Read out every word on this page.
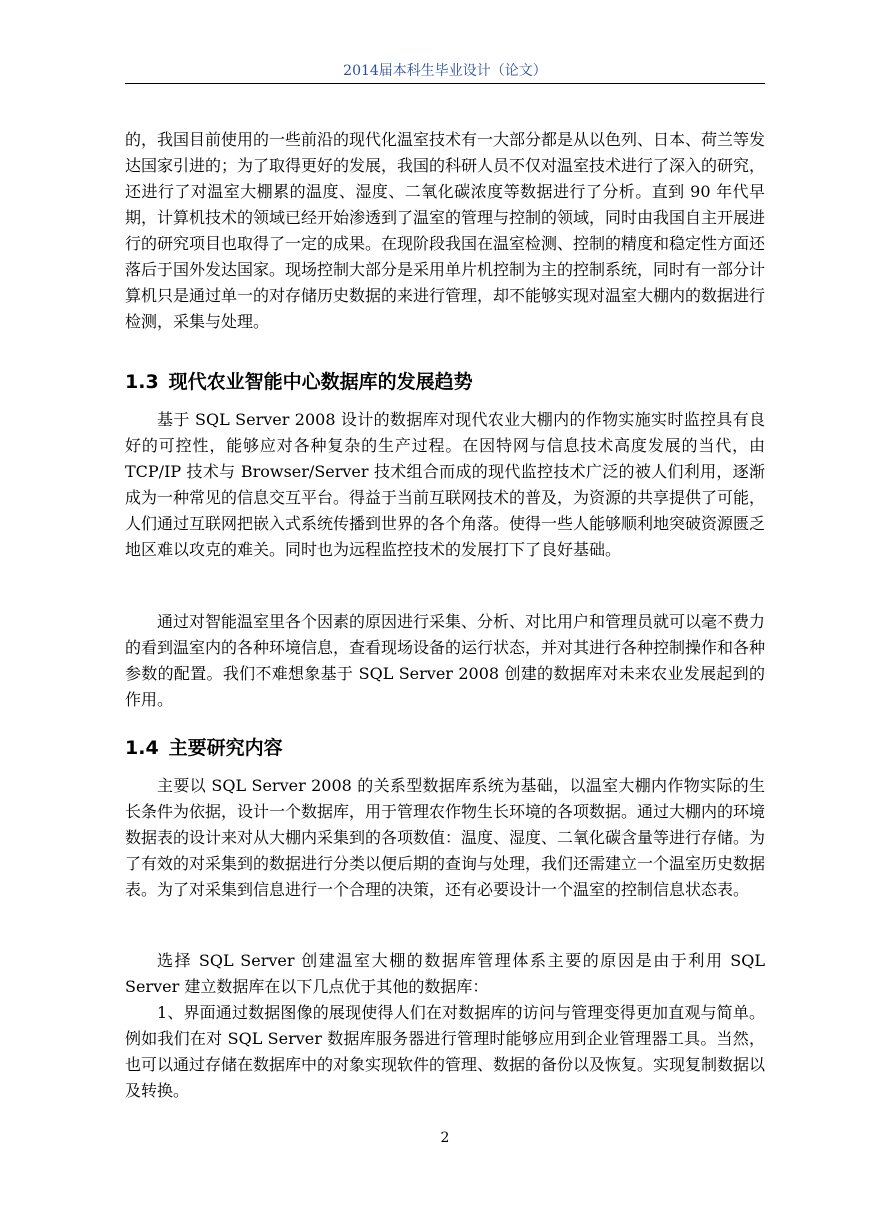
2014届本科生毕业设计（论文）

的，我国目前使用的一些前沿的现代化温室技术有一大部分都是从以色列、日本、荷兰等发达国家引进的；为了取得更好的发展，我国的科研人员不仅对温室技术进行了深入的研究，还进行了对温室大棚累的温度、湿度、二氧化碳浓度等数据进行了分析。直到 90 年代早期，计算机技术的领域已经开始渗透到了温室的管理与控制的领域，同时由我国自主开展进行的研究项目也取得了一定的成果。在现阶段我国在温室检测、控制的精度和稳定性方面还落后于国外发达国家。现场控制大部分是采用单片机控制为主的控制系统，同时有一部分计算机只是通过单一的对存储历史数据的来进行管理，却不能够实现对温室大棚内的数据进行检测，采集与处理。

1.3 现代农业智能中心数据库的发展趋势

基于 SQL Server 2008 设计的数据库对现代农业大棚内的作物实施实时监控具有良好的可控性，能够应对各种复杂的生产过程。在因特网与信息技术高度发展的当代，由 TCP/IP 技术与 Browser/Server 技术组合而成的现代监控技术广泛的被人们利用，逐渐成为一种常见的信息交互平台。得益于当前互联网技术的普及，为资源的共享提供了可能，人们通过互联网把嵌入式系统传播到世界的各个角落。使得一些人能够顺利地突破资源匮乏地区难以攻克的难关。同时也为远程监控技术的发展打下了良好基础。

通过对智能温室里各个因素的原因进行采集、分析、对比用户和管理员就可以毫不费力的看到温室内的各种环境信息，查看现场设备的运行状态，并对其进行各种控制操作和各种参数的配置。我们不难想象基于 SQL Server 2008 创建的数据库对未来农业发展起到的作用。

1.4 主要研究内容

主要以 SQL Server 2008 的关系型数据库系统为基础，以温室大棚内作物实际的生长条件为依据，设计一个数据库，用于管理农作物生长环境的各项数据。通过大棚内的环境数据表的设计来对从大棚内采集到的各项数值：温度、湿度、二氧化碳含量等进行存储。为了有效的对采集到的数据进行分类以便后期的查询与处理，我们还需建立一个温室历史数据表。为了对采集到信息进行一个合理的决策，还有必要设计一个温室的控制信息状态表。

选择 SQL Server 创建温室大棚的数据库管理体系主要的原因是由于利用 SQL Server 建立数据库在以下几点优于其他的数据库：

1、界面通过数据图像的展现使得人们在对数据库的访问与管理变得更加直观与简单。例如我们在对 SQL Server 数据库服务器进行管理时能够应用到企业管理器工具。当然，也可以通过存储在数据库中的对象实现软件的管理、数据的备份以及恢复。实现复制数据以及转换。

2
